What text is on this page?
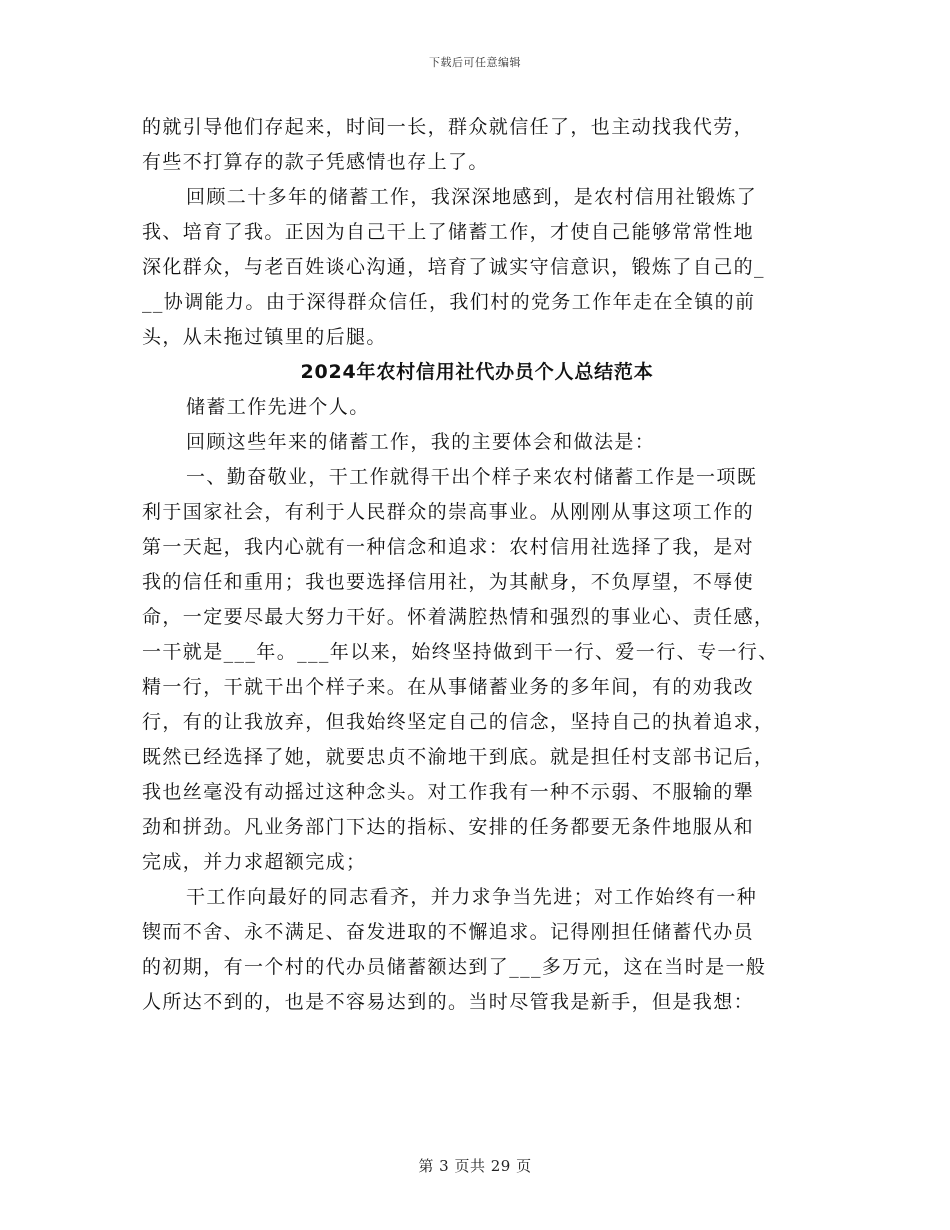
下载后可任意编辑

的就引导他们存起来，时间一长，群众就信任了，也主动找我代劳，
有些不打算存的款子凭感情也存上了。

回顾二十多年的储蓄工作，我深深地感到，是农村信用社锻炼了
我、培育了我。正因为自己干上了储蓄工作，才使自己能够常常性地
深化群众，与老百姓谈心沟通，培育了诚实守信意识，锻炼了自己的_
__协调能力。由于深得群众信任，我们村的党务工作年走在全镇的前
头，从未拖过镇里的后腿。

2024年农村信用社代办员个人总结范本

储蓄工作先进个人。

回顾这些年来的储蓄工作，我的主要体会和做法是：

一、勤奋敬业，干工作就得干出个样子来农村储蓄工作是一项既
利于国家社会，有利于人民群众的崇高事业。从刚刚从事这项工作的
第一天起，我内心就有一种信念和追求：农村信用社选择了我，是对
我的信任和重用；我也要选择信用社，为其献身，不负厚望，不辱使
命，一定要尽最大努力干好。怀着满腔热情和强烈的事业心、责任感，
一干就是___年。___年以来，始终坚持做到干一行、爱一行、专一行、
精一行，干就干出个样子来。在从事储蓄业务的多年间，有的劝我改
行，有的让我放弃，但我始终坚定自己的信念，坚持自己的执着追求，
既然已经选择了她，就要忠贞不渝地干到底。就是担任村支部书记后，
我也丝毫没有动摇过这种念头。对工作我有一种不示弱、不服输的犟
劲和拼劲。凡业务部门下达的指标、安排的任务都要无条件地服从和
完成，并力求超额完成；

干工作向最好的同志看齐，并力求争当先进；对工作始终有一种
锲而不舍、永不满足、奋发进取的不懈追求。记得刚担任储蓄代办员
的初期，有一个村的代办员储蓄额达到了___多万元，这在当时是一般
人所达不到的，也是不容易达到的。当时尽管我是新手，但是我想：

第 3 页共 29 页
